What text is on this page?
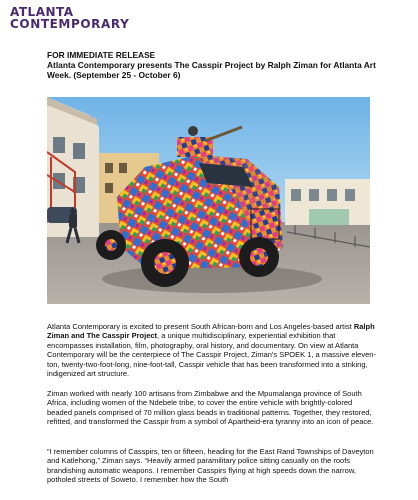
ATLANTA
CONTEMPORARY
FOR IMMEDIATE RELEASE
Atlanta Contemporary presents The Casspir Project by Ralph Ziman for Atlanta Art Week. (September 25 - October 6)

Atlanta Contemporary is excited to present South African-born and Los Angeles-based artist Ralph Ziman and The Casspir Project, a unique multidisciplinary, experiential exhibition that encompasses installation, film, photography, oral history, and documentary. On view at Atlanta Contemporary will be the centerpiece of The Casspir Project, Ziman's SPOEK 1, a massive eleven-ton, twenty-two-foot-long, nine-foot-tall, Casspir vehicle that has been transformed into a striking, indigenized art structure.

Ziman worked with nearly 100 artisans from Zimbabwe and the Mpumalanga province of South Africa, including women of the Ndebele tribe, to cover the entire vehicle with brightly-colored beaded panels comprised of 70 million glass beads in traditional patterns. Together, they restored, refitted, and transformed the Casspir from a symbol of Apartheid-era tyranny into an icon of peace.

“I remember columns of Casspirs, ten or fifteen, heading for the East Rand Townships of Daveyton and Katlehong,” Ziman says. “Heavily armed paramilitary police sitting casually on the roofs brandishing automatic weapons. I remember Casspirs flying at high speeds down the narrow, potholed streets of Soweto. I remember how the South
